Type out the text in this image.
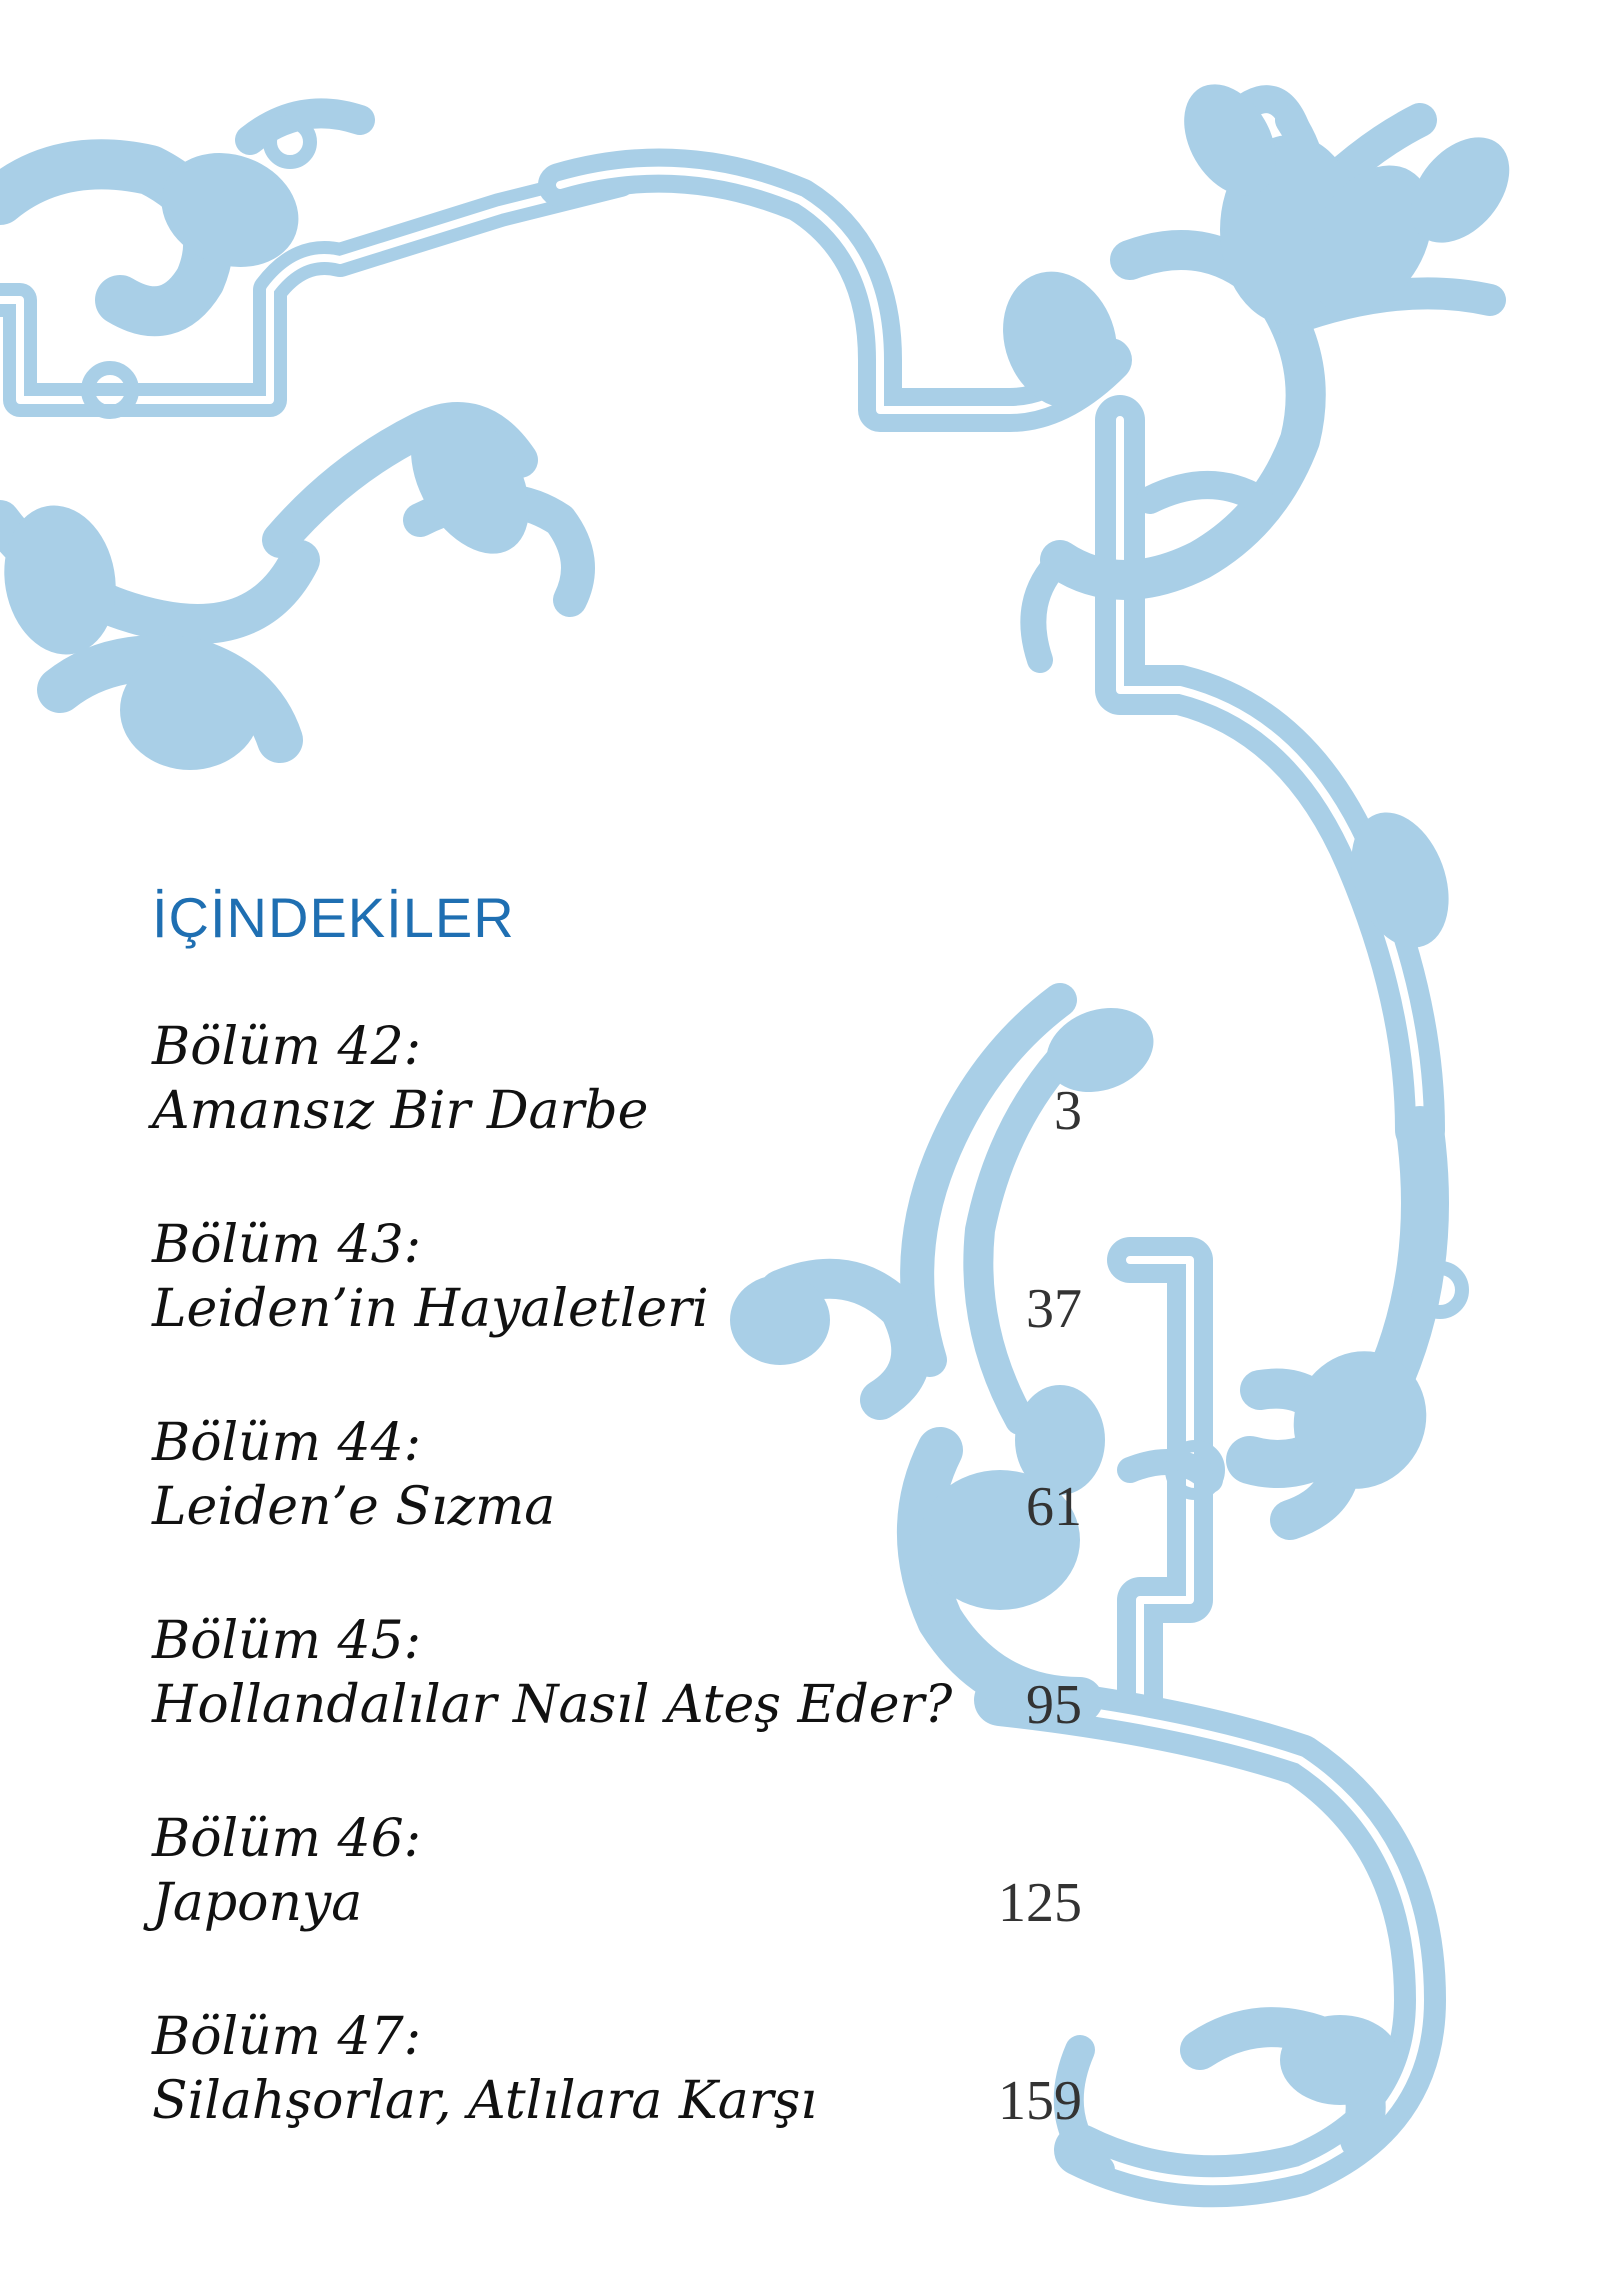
İÇİNDEKİLER
Bölüm 42:
Amansız Bir Darbe	3
Bölüm 43:
Leiden’in Hayaletleri	37
Bölüm 44:
Leiden’e Sızma	61
Bölüm 45:
Hollandalılar Nasıl Ateş Eder?	95
Bölüm 46:
Japonya	125
Bölüm 47:
Silahşorlar, Atlılara Karşı	159
